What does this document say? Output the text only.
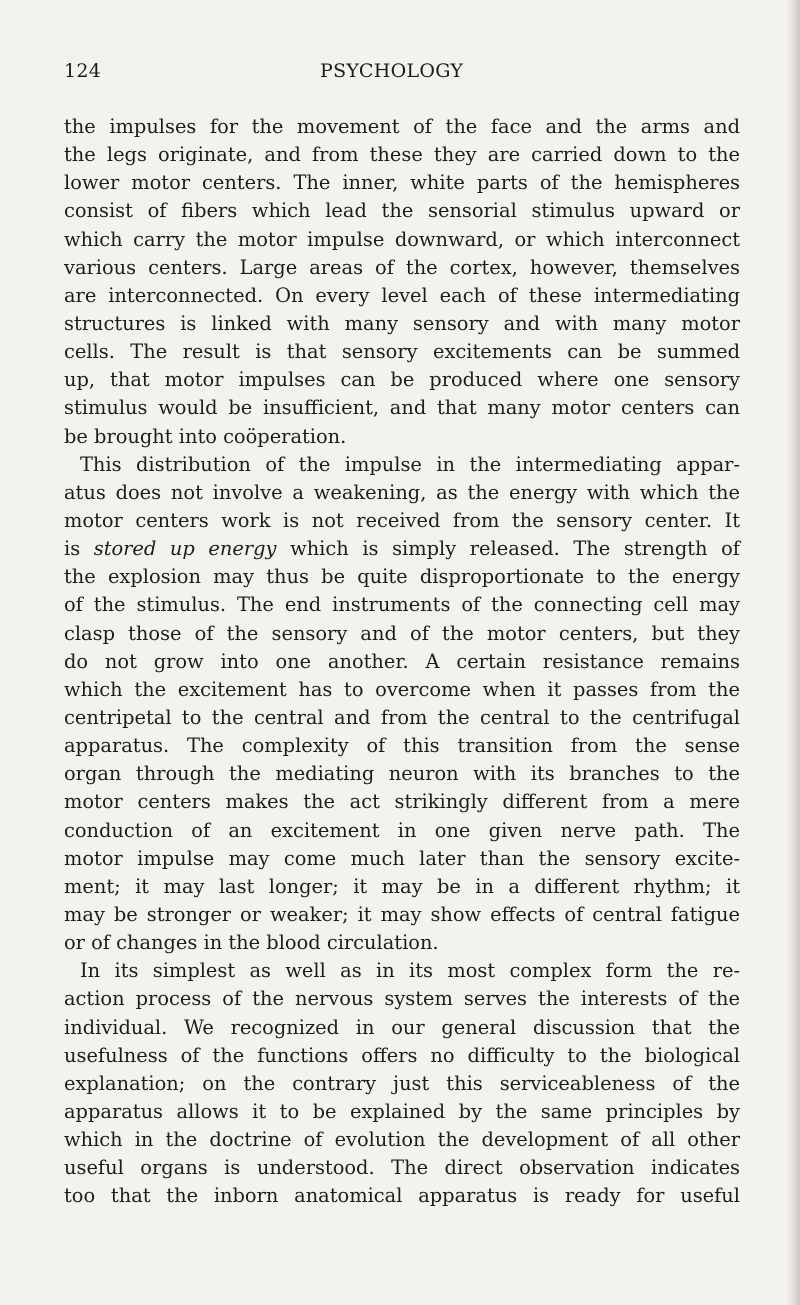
124	PSYCHOLOGY
the impulses for the movement of the face and the arms and
the legs originate, and from these they are carried down to the
lower motor centers. The inner, white parts of the hemispheres
consist of fibers which lead the sensorial stimulus upward or
which carry the motor impulse downward, or which interconnect
various centers. Large areas of the cortex, however, themselves
are interconnected. On every level each of these intermediating
structures is linked with many sensory and with many motor
cells. The result is that sensory excitements can be summed
up, that motor impulses can be produced where one sensory
stimulus would be insufficient, and that many motor centers can
be brought into coöperation.
This distribution of the impulse in the intermediating appar-
atus does not involve a weakening, as the energy with which the
motor centers work is not received from the sensory center. It
is stored up energy which is simply released. The strength of
the explosion may thus be quite disproportionate to the energy
of the stimulus. The end instruments of the connecting cell may
clasp those of the sensory and of the motor centers, but they
do not grow into one another. A certain resistance remains
which the excitement has to overcome when it passes from the
centripetal to the central and from the central to the centrifugal
apparatus. The complexity of this transition from the sense
organ through the mediating neuron with its branches to the
motor centers makes the act strikingly different from a mere
conduction of an excitement in one given nerve path. The
motor impulse may come much later than the sensory excite-
ment; it may last longer; it may be in a different rhythm; it
may be stronger or weaker; it may show effects of central fatigue
or of changes in the blood circulation.
In its simplest as well as in its most complex form the re-
action process of the nervous system serves the interests of the
individual. We recognized in our general discussion that the
usefulness of the functions offers no difficulty to the biological
explanation; on the contrary just this serviceableness of the
apparatus allows it to be explained by the same principles by
which in the doctrine of evolution the development of all other
useful organs is understood. The direct observation indicates
too that the inborn anatomical apparatus is ready for useful
